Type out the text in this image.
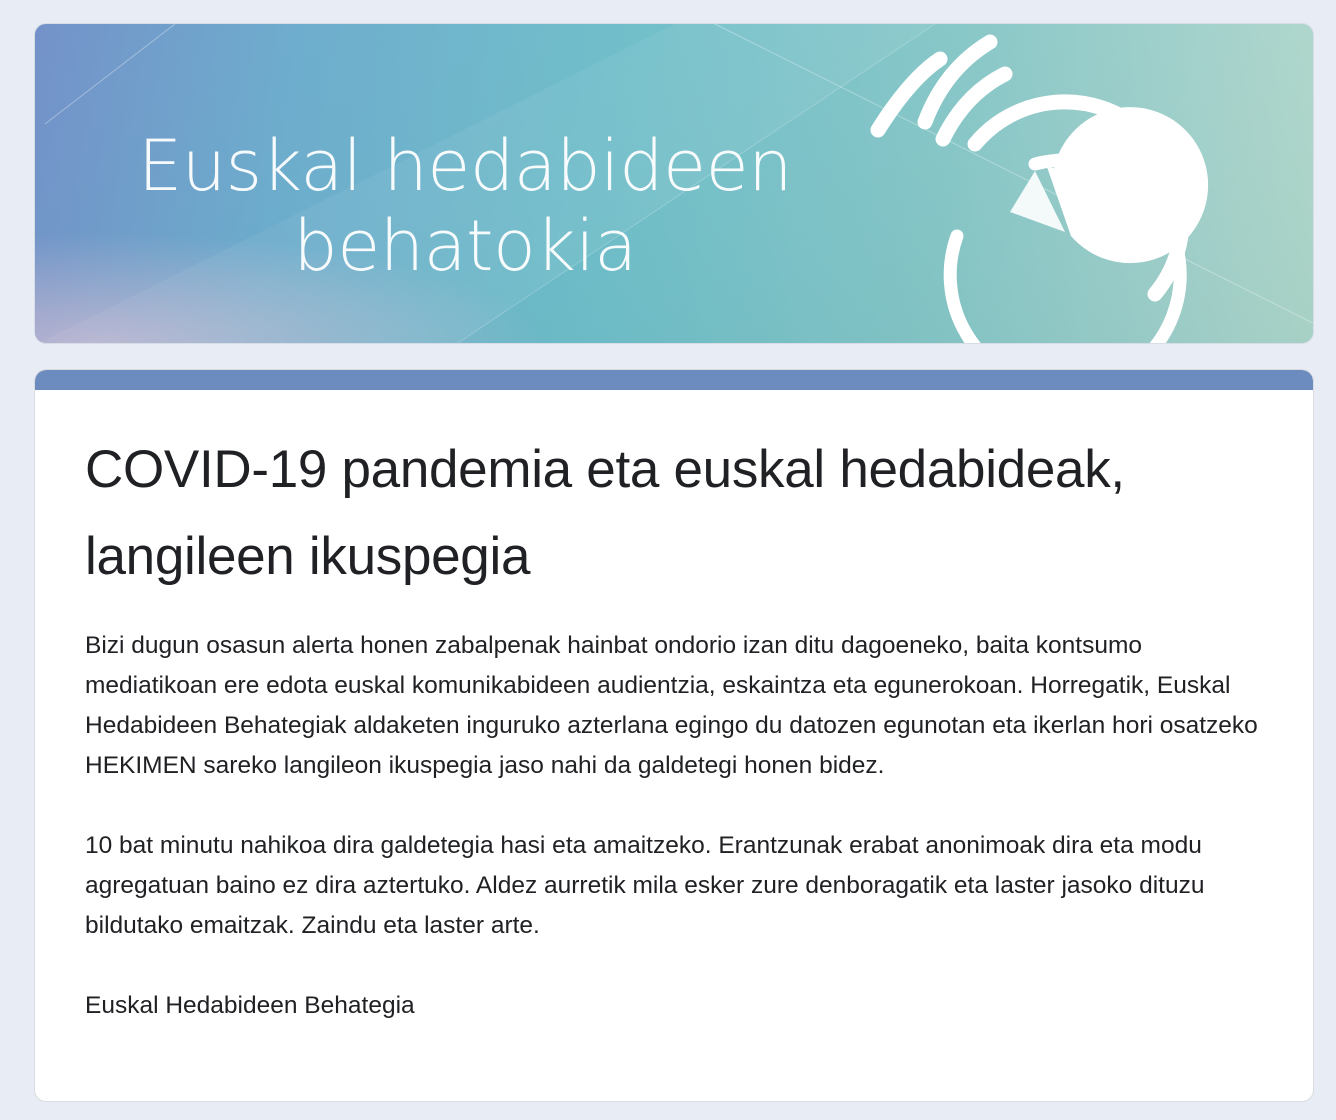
Euskal hedabideen
behatokia
COVID-19 pandemia eta euskal hedabideak, langileen ikuspegia

Bizi dugun osasun alerta honen zabalpenak hainbat ondorio izan ditu dagoeneko, baita kontsumo mediatikoan ere edotа euskal komunikabideen audientzia, eskaintza eta egunerokoan. Horregatik, Euskal Hedabideen Behategiak aldaketen inguruko azterlana egingo du datozen egunotan eta ikerlan hori osatzeko HEKIMEN sareko langileon ikuspegia jaso nahi da galdetegi honen bidez.

10 bat minutu nahikoa dira galdetegia hasi eta amaitzeko. Erantzunak erabat anonimoak dira eta modu agregatuan baino ez dira aztertuko. Aldez aurretik mila esker zure denboragatik eta laster jasoko dituzu bildutako emaitzak. Zaindu eta laster arte.

Euskal Hedabideen Behategia
